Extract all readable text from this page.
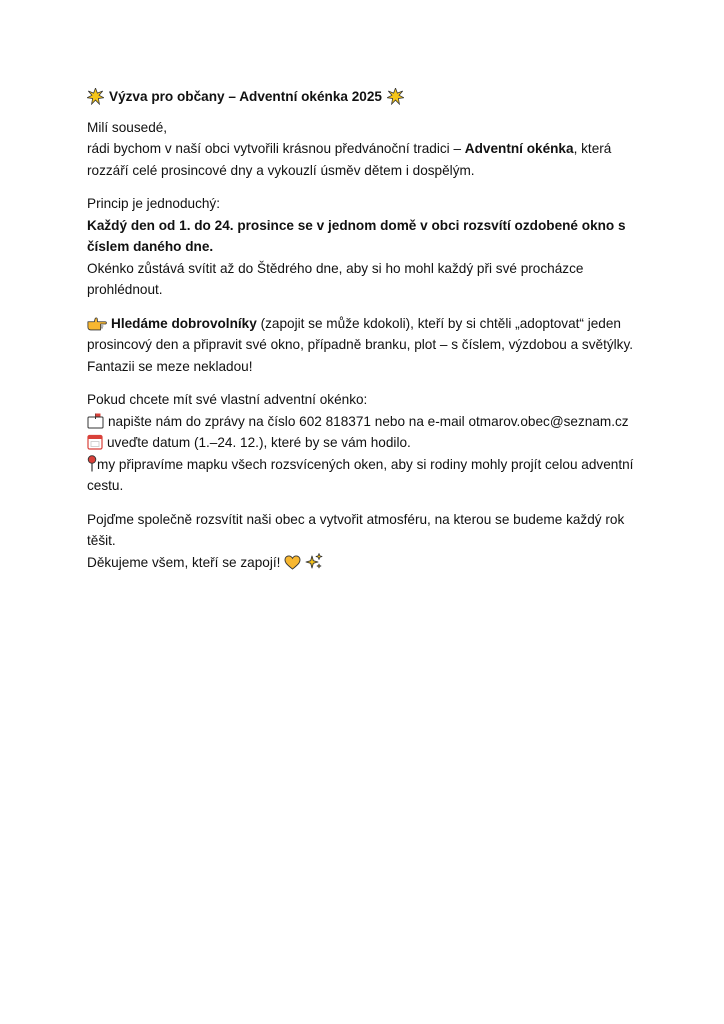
Výzva pro občany – Adventní okénka 2025

Milí sousedé,
rádi bychom v naší obci vytvořili krásnou předvánoční tradici – Adventní okénka, která rozzáří celé prosincové dny a vykouzlí úsměv dětem i dospělým.

Princip je jednoduchý:
Každý den od 1. do 24. prosince se v jednom domě v obci rozsvítí ozdobené okno s číslem daného dne.
Okénko zůstává svítit až do Štědrého dne, aby si ho mohl každý při své procházce prohlédnout.

Hledáme dobrovolníky (zapojit se může kdokoli), kteří by si chtěli „adoptovat“ jeden prosincový den a připravit své okno, případně branku, plot – s číslem, výzdobou a světýlky. Fantazii se meze nekladou!

Pokud chcete mít své vlastní adventní okénko:
napište nám do zprávy na číslo 602 818371 nebo na e-mail otmarov.obec@seznam.cz
uveďte datum (1.–24. 12.), které by se vám hodilo.
my připravíme mapku všech rozsvícených oken, aby si rodiny mohly projít celou adventní cestu.

Pojďme společně rozsvítit naši obec a vytvořit atmosféru, na kterou se budeme každý rok těšit.
Děkujeme všem, kteří se zapojí!
